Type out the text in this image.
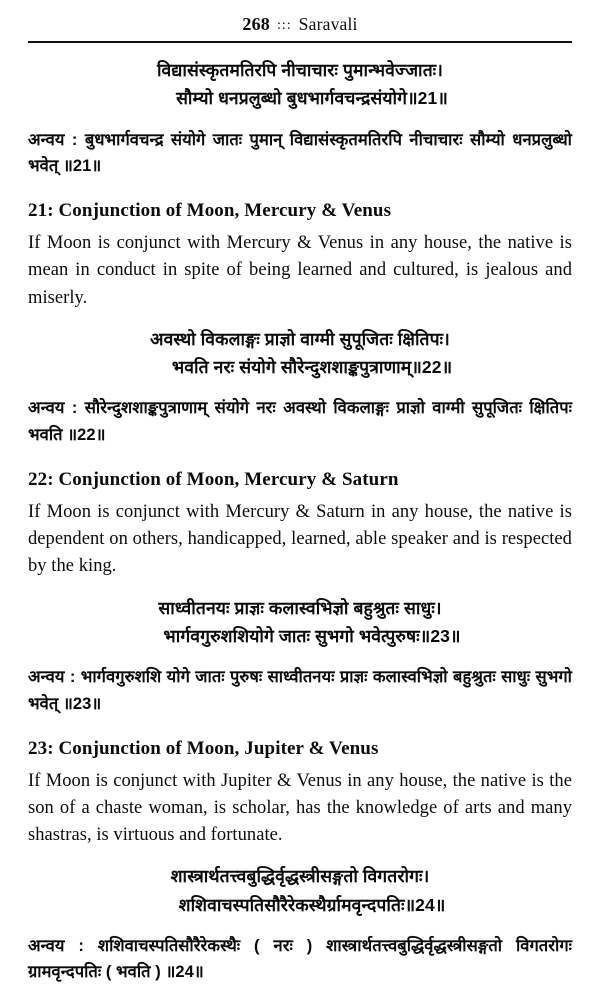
268 ::: Saravali
विद्यासंस्कृतमतिरपि नीचाचारः पुमान्भवेज्जातः।
सौम्यो धनप्रलुब्धो बुधभार्गवचन्द्रसंयोगे॥21॥
अन्वय : बुधभार्गवचन्द्र संयोगे जातः पुमान् विद्यासंस्कृतमतिरपि नीचाचारः सौम्यो धनप्रलुब्धो भवेत् ॥21॥
21: Conjunction of Moon, Mercury & Venus
If Moon is conjunct with Mercury & Venus in any house, the native is mean in conduct in spite of being learned and cultured, is jealous and miserly.
अवस्थो विकलाङ्गः प्राज्ञो वाग्मी सुपूजितः क्षितिपः।
भवति नरः संयोगे सौरेन्दुशशाङ्कपुत्राणाम्॥22॥
अन्वय : सौरेन्दुशशाङ्कपुत्राणाम् संयोगे नरः अवस्थो विकलाङ्गः प्राज्ञो वाग्मी सुपूजितः क्षितिपः भवति ॥22॥
22: Conjunction of Moon, Mercury & Saturn
If Moon is conjunct with Mercury & Saturn in any house, the native is dependent on others, handicapped, learned, able speaker and is respected by the king.
साध्वीतनयः प्राज्ञः कलास्वभिज्ञो बहुश्रुतः साधुः।
भार्गवगुरुशशियोगे जातः सुभगो भवेत्पुरुषः॥23॥
अन्वय : भार्गवगुरुशशि योगे जातः पुरुषः साध्वीतनयः प्राज्ञः कलास्वभिज्ञो बहुश्रुतः साधुः सुभगो भवेत् ॥23॥
23: Conjunction of Moon, Jupiter & Venus
If Moon is conjunct with Jupiter & Venus in any house, the native is the son of a chaste woman, is scholar, has the knowledge of arts and many shastras, is virtuous and fortunate.
शास्त्रार्थतत्त्वबुद्धिर्वृद्धस्त्रीसङ्गतो विगतरोगः।
शशिवाचस्पतिसौरैरेकस्थैर्ग्रामवृन्दपतिः॥24॥
अन्वय : शशिवाचस्पतिसौरैरेकस्थैः ( नरः ) शास्त्रार्थतत्त्वबुद्धिर्वृद्धस्त्रीसङ्गतो विगतरोगः ग्रामवृन्दपतिः ( भवति ) ॥24॥
